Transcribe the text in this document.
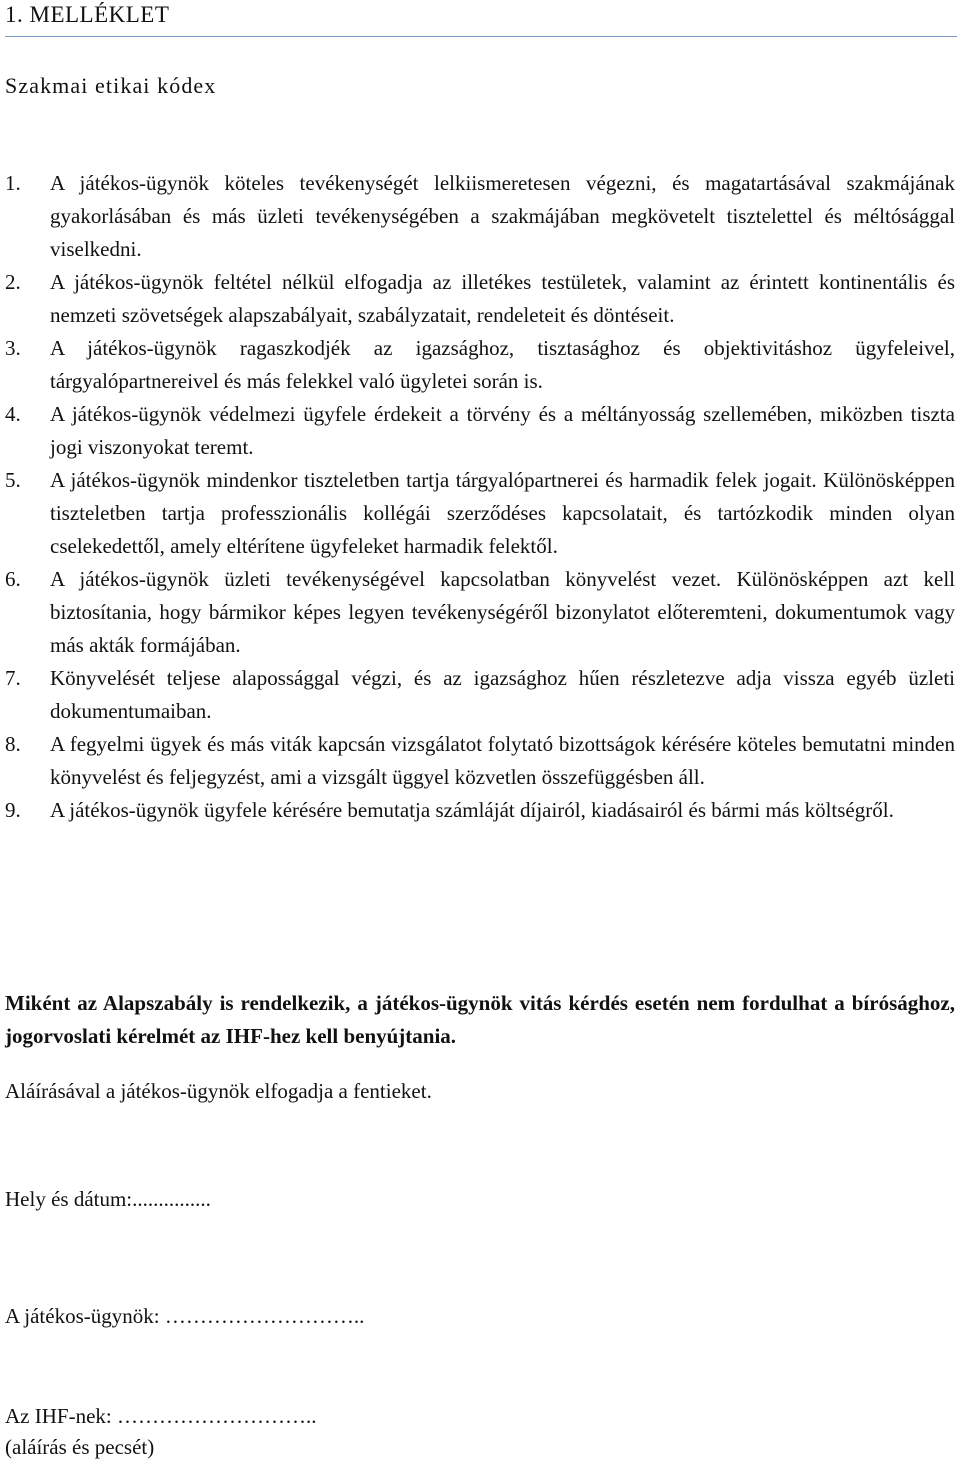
1. MELLÉKLET
Szakmai etikai kódex
1.	A játékos-ügynök köteles tevékenységét lelkiismeretesen végezni, és magatartásával szakmájának gyakorlásában és más üzleti tevékenységében a szakmájában megkövetelt tisztelettel és méltósággal viselkedni.
2.	A játékos-ügynök feltétel nélkül elfogadja az illetékes testületek, valamint az érintett kontinentális és nemzeti szövetségek alapszabályait, szabályzatait, rendeleteit és döntéseit.
3.	A játékos-ügynök ragaszkodjék az igazsághoz, tisztasághoz és objektivitáshoz ügyfeleivel, tárgyalópartnereivel és más felekkel való ügyletei során is.
4.	A játékos-ügynök védelmezi ügyfele érdekeit a törvény és a méltányosság szellemében, miközben tiszta jogi viszonyokat teremt.
5.	A játékos-ügynök mindenkor tiszteletben tartja tárgyalópartnerei és harmadik felek jogait. Különösképpen tiszteletben tartja professzionális kollégái szerződéses kapcsolatait, és tartózkodik minden olyan cselekedettől, amely eltérítene ügyfeleket harmadik felektől.
6.	A játékos-ügynök üzleti tevékenységével kapcsolatban könyvelést vezet. Különösképpen azt kell biztosítania, hogy bármikor képes legyen tevékenységéről bizonylatot előteremteni, dokumentumok vagy más akták formájában.
7.	Könyvelését teljese alapossággal végzi, és az igazsághoz hűen részletezve adja vissza egyéb üzleti dokumentumaiban.
8.	A fegyelmi ügyek és más viták kapcsán vizsgálatot folytató bizottságok kérésére köteles bemutatni minden könyvelést és feljegyzést, ami a vizsgált üggyel közvetlen összefüggésben áll.
9.	A játékos-ügynök ügyfele kérésére bemutatja számláját díjairól, kiadásairól és bármi más költségről.
Miként az Alapszabály is rendelkezik, a játékos-ügynök vitás kérdés esetén nem fordulhat a bírósághoz, jogorvoslati kérelmét az IHF-hez kell benyújtania.
Aláírásával a játékos-ügynök elfogadja a fentieket.
Hely és dátum:...............
A játékos-ügynök: ………………………..
Az IHF-nek: ………………………..
(aláírás és pecsét)
